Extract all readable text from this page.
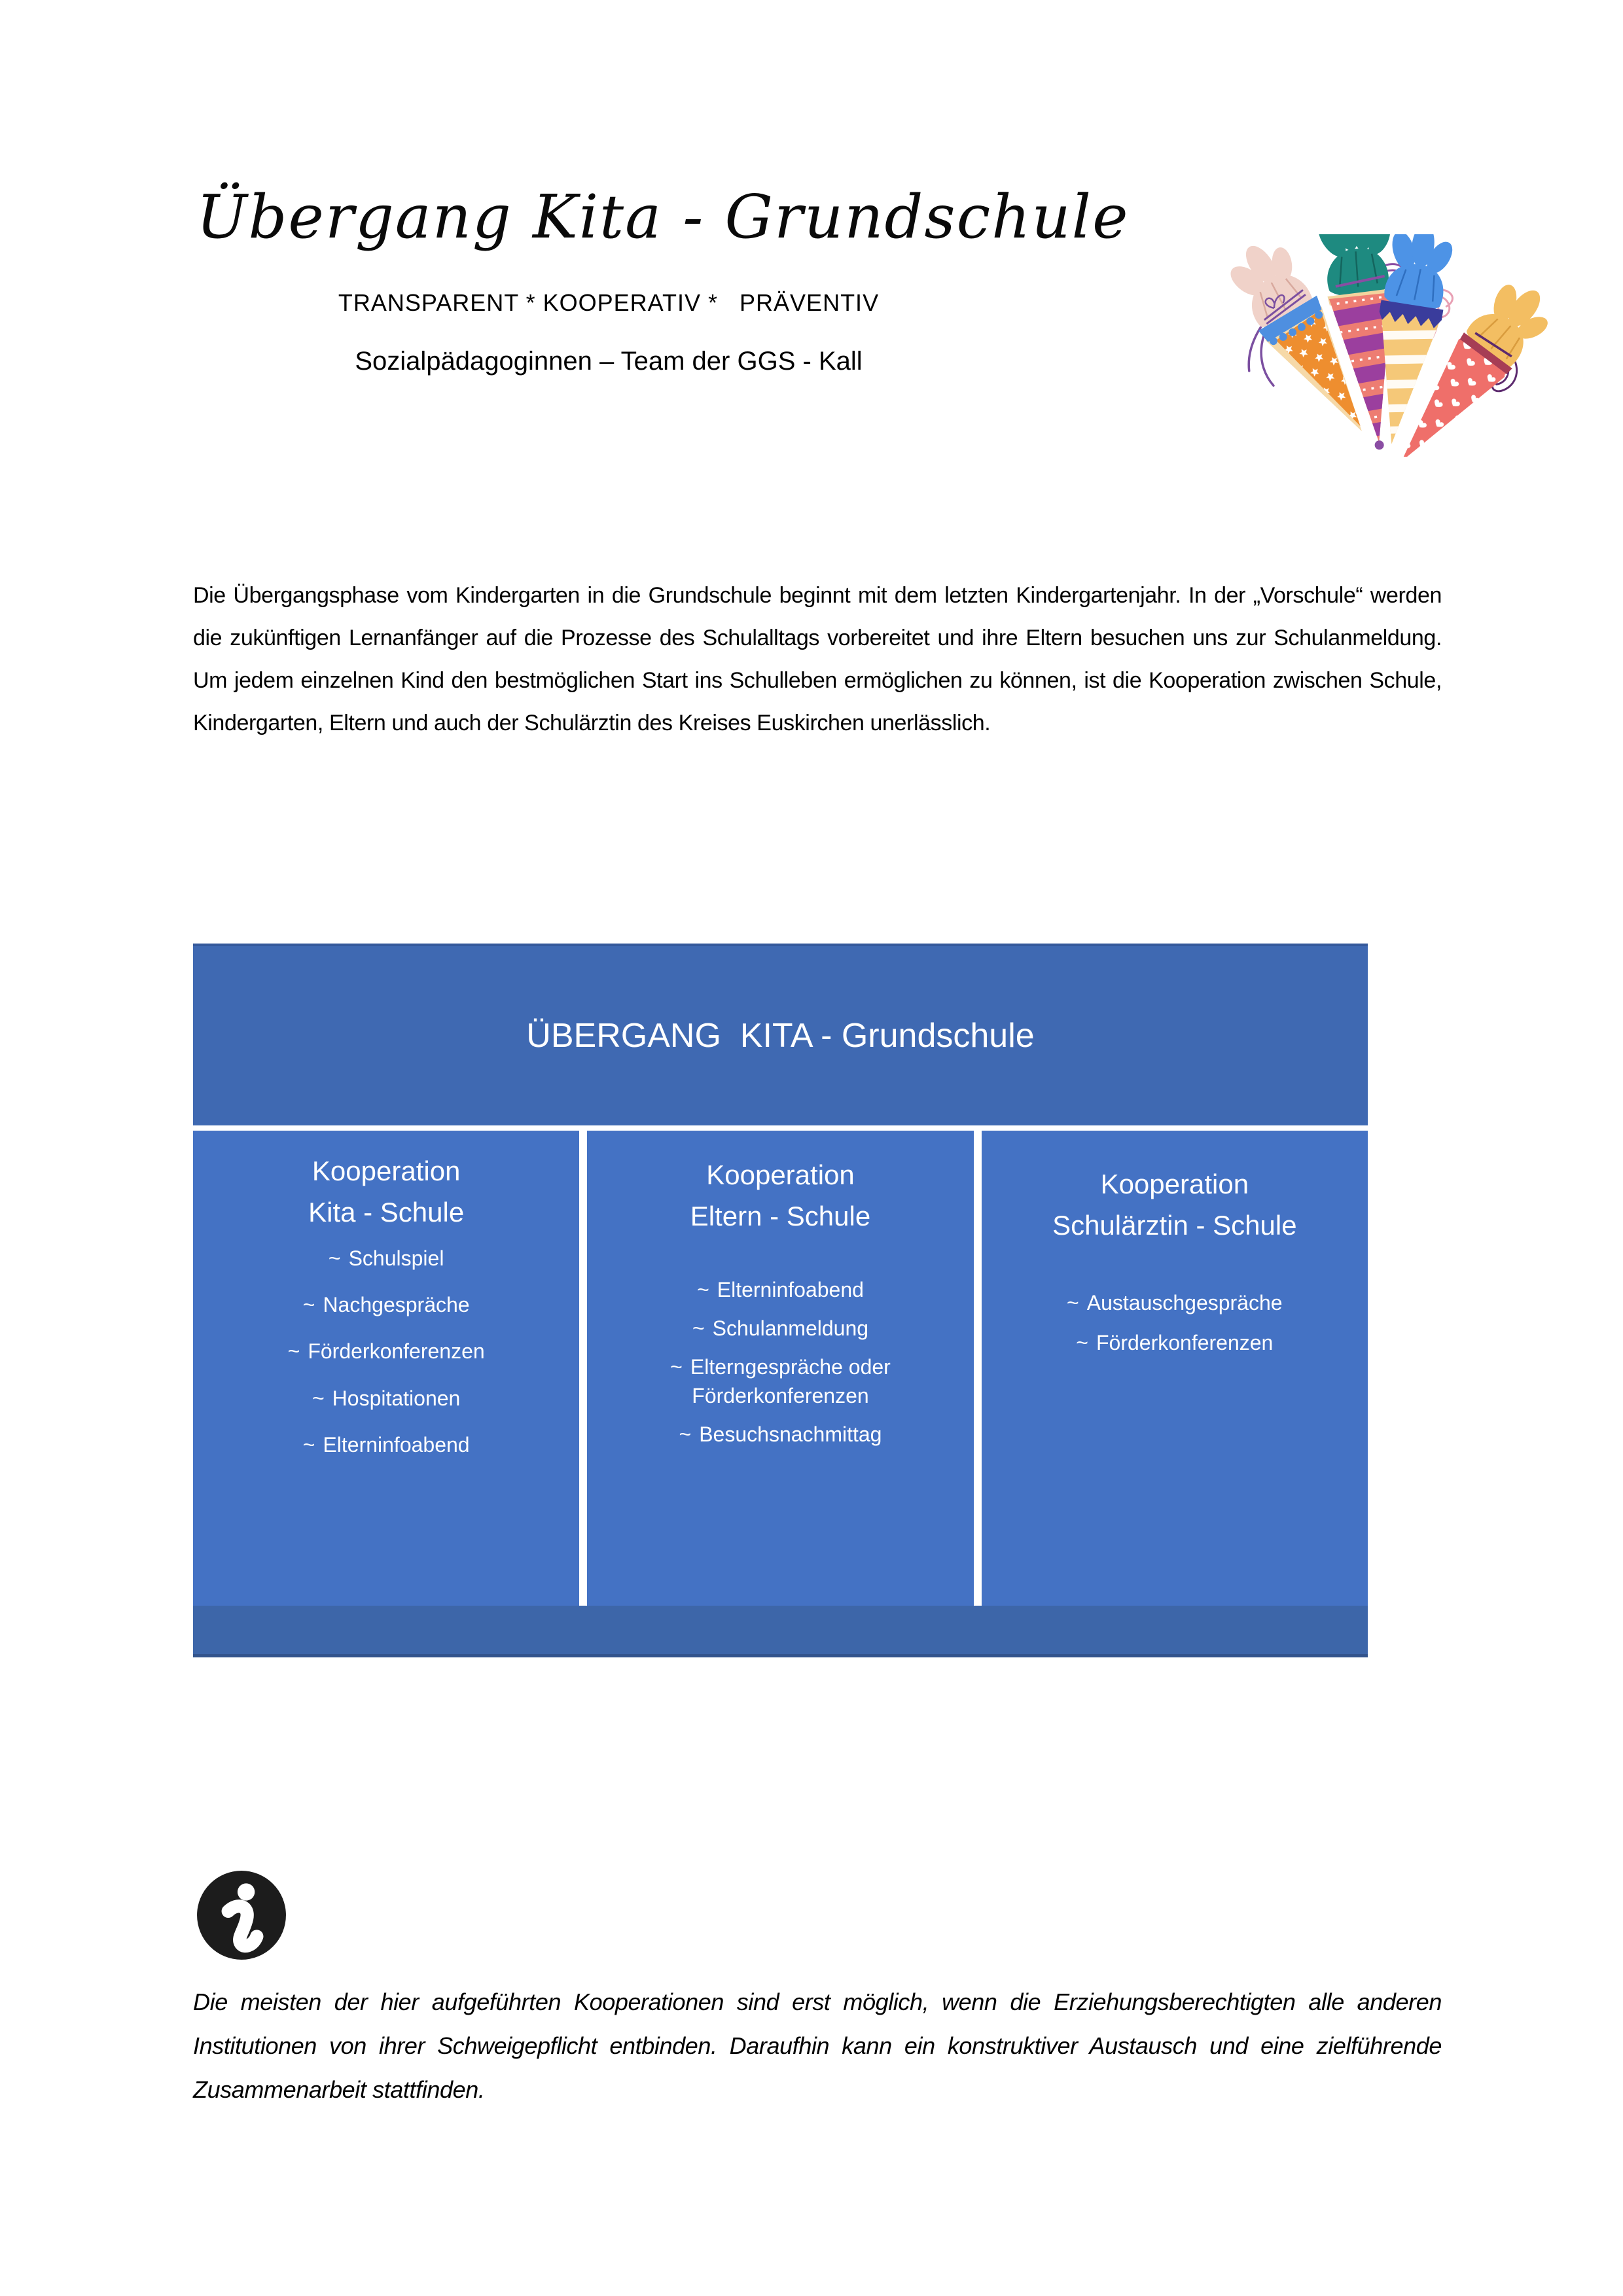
Übergang Kita - Grundschule
TRANSPARENT * KOOPERATIV *   PRÄVENTIV
Sozialpädagoginnen – Team der GGS - Kall
Die Übergangsphase vom Kindergarten in die Grundschule beginnt mit dem letzten Kindergartenjahr. In der „Vorschule“ werden die zukünftigen Lernanfänger auf die Prozesse des Schulalltags vorbereitet und ihre Eltern besuchen uns zur Schulanmeldung. Um jedem einzelnen Kind den bestmöglichen Start ins Schulleben ermöglichen zu können, ist die Kooperation zwischen Schule, Kindergarten, Eltern und auch der Schulärztin des Kreises Euskirchen unerlässlich.
ÜBERGANG  KITA - Grundschule
Kooperation
Kita - Schule
~ Schulspiel
~ Nachgespräche
~ Förderkonferenzen
~ Hospitationen
~ Elterninfoabend
Kooperation
Eltern - Schule
~ Elterninfoabend
~ Schulanmeldung
~ Elterngespräche oder Förderkonferenzen
~ Besuchsnachmittag
Kooperation
Schulärztin - Schule
~ Austauschgespräche
~ Förderkonferenzen
Die meisten der hier aufgeführten Kooperationen sind erst möglich, wenn die Erziehungsberechtigten alle anderen Institutionen von ihrer Schweigepflicht entbinden. Daraufhin kann ein konstruktiver Austausch und eine zielführende Zusammenarbeit stattfinden.
